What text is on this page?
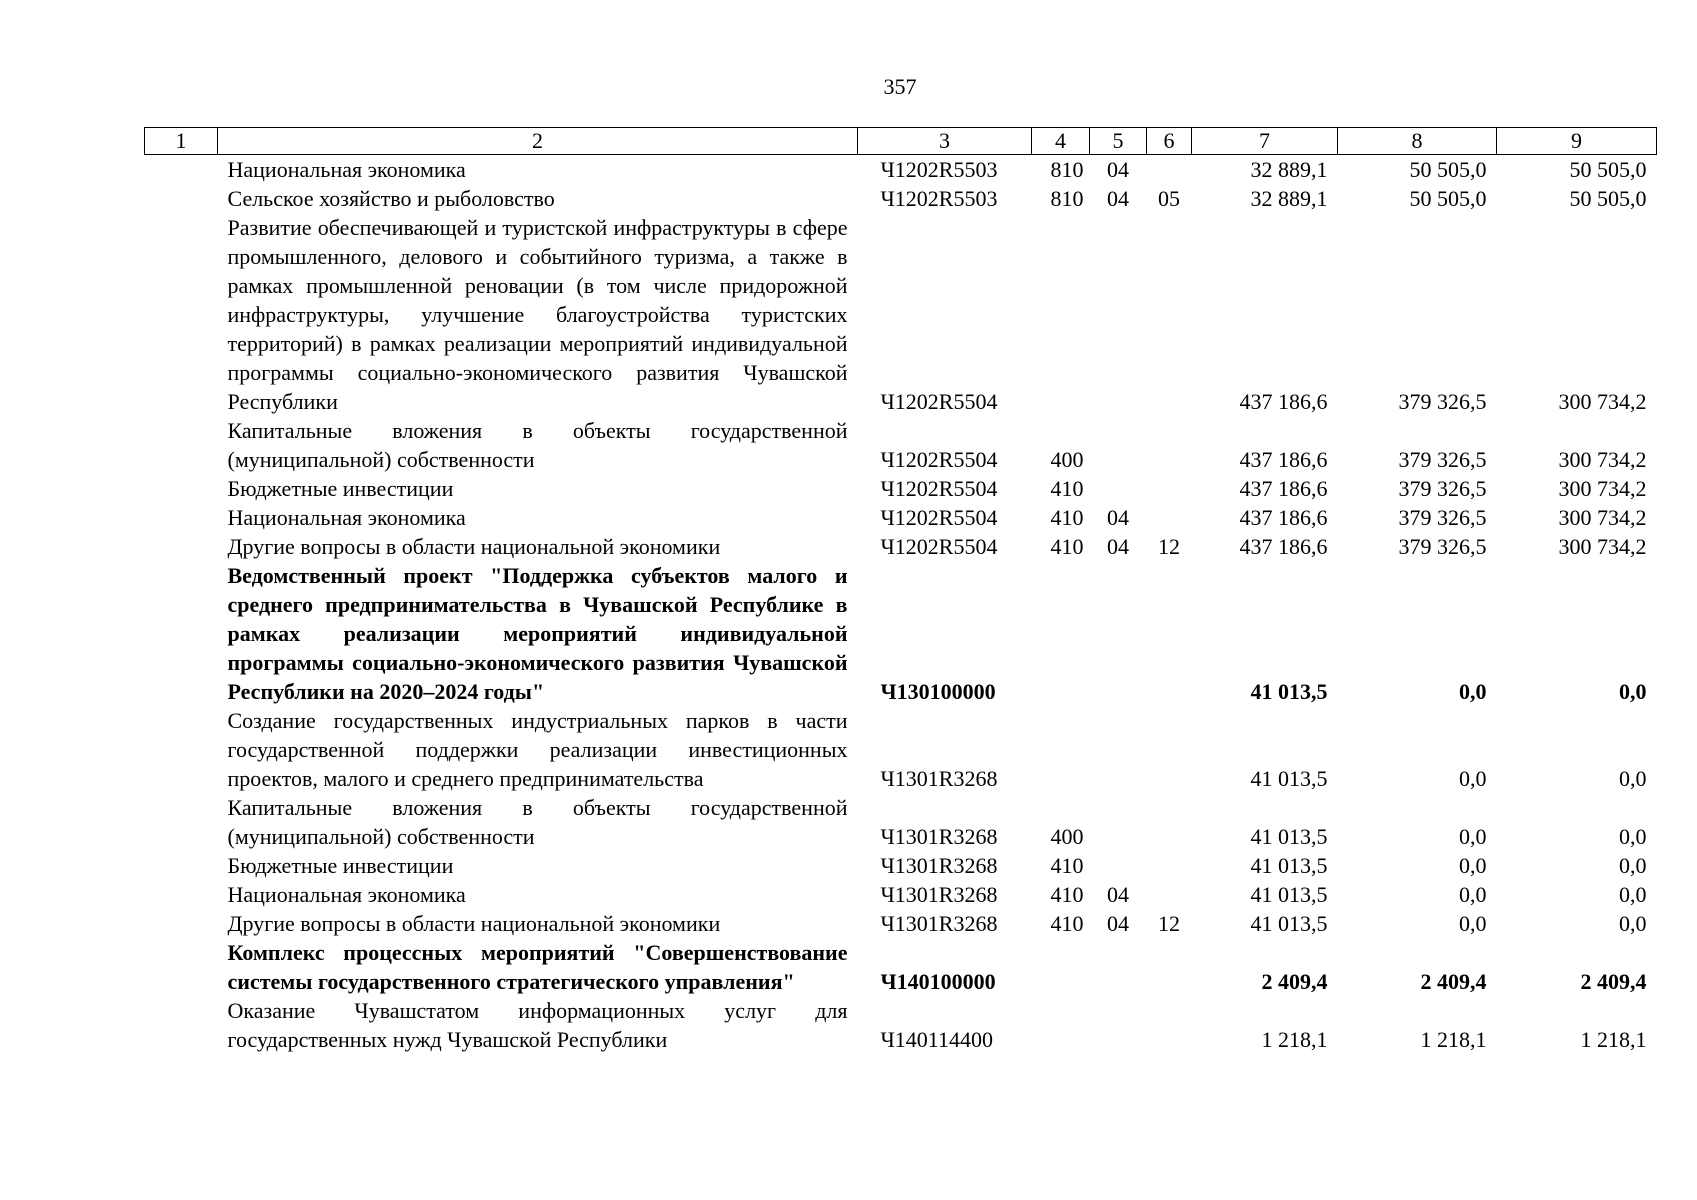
357
1	2	3	4	5	6	7	8	9
	Национальная экономика	Ч1202R5503	810	04		32 889,1	50 505,0	50 505,0
	Сельское хозяйство и рыболовство	Ч1202R5503	810	04	05	32 889,1	50 505,0	50 505,0
	Развитие обеспечивающей и туристской инфраструктуры в сфере промышленного, делового и событийного туризма, а также в рамках промышленной реновации (в том числе придорожной инфраструктуры, улучшение благоустройства туристских территорий) в рамках реализации мероприятий индивидуальной программы социально-экономического развития Чувашской Республики	Ч1202R5504				437 186,6	379 326,5	300 734,2
	Капитальные вложения в объекты государственной (муниципальной) собственности	Ч1202R5504	400			437 186,6	379 326,5	300 734,2
	Бюджетные инвестиции	Ч1202R5504	410			437 186,6	379 326,5	300 734,2
	Национальная экономика	Ч1202R5504	410	04		437 186,6	379 326,5	300 734,2
	Другие вопросы в области национальной экономики	Ч1202R5504	410	04	12	437 186,6	379 326,5	300 734,2
	Ведомственный проект "Поддержка субъектов малого и среднего предпринимательства в Чувашской Республике в рамках реализации мероприятий индивидуальной программы социально-экономического развития Чувашской Республики на 2020–2024 годы"	Ч130100000				41 013,5	0,0	0,0
	Создание государственных индустриальных парков в части государственной поддержки реализации инвестиционных проектов, малого и среднего предпринимательства	Ч1301R3268				41 013,5	0,0	0,0
	Капитальные вложения в объекты государственной (муниципальной) собственности	Ч1301R3268	400			41 013,5	0,0	0,0
	Бюджетные инвестиции	Ч1301R3268	410			41 013,5	0,0	0,0
	Национальная экономика	Ч1301R3268	410	04		41 013,5	0,0	0,0
	Другие вопросы в области национальной экономики	Ч1301R3268	410	04	12	41 013,5	0,0	0,0
	Комплекс процессных мероприятий "Совершенствование системы государственного стратегического управления"	Ч140100000				2 409,4	2 409,4	2 409,4
	Оказание Чувашстатом информационных услуг для государственных нужд Чувашской Республики	Ч140114400				1 218,1	1 218,1	1 218,1
